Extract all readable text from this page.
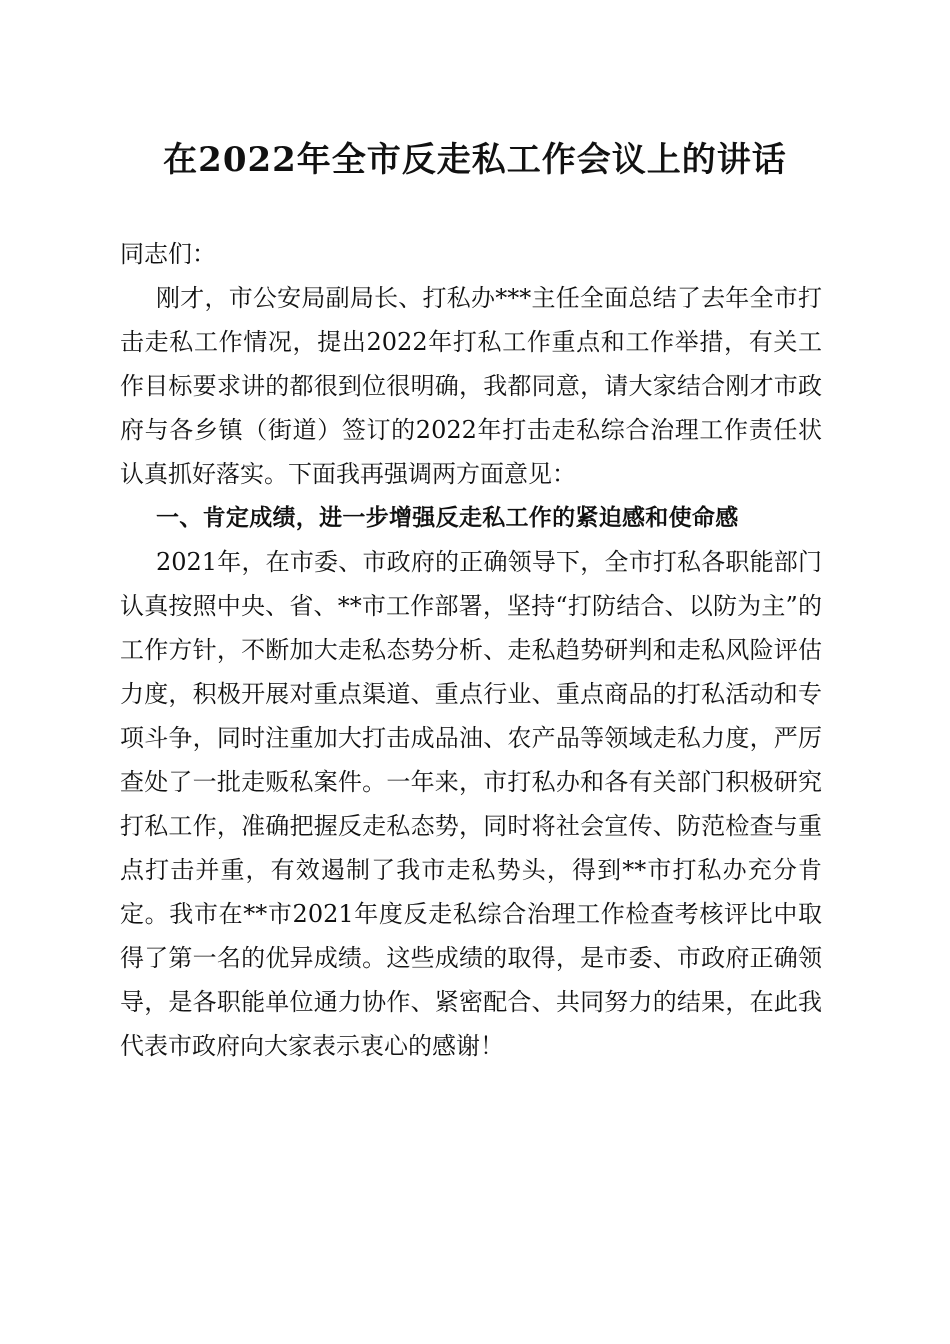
在2022年全市反走私工作会议上的讲话

同志们：

刚才，市公安局副局长、打私办***主任全面总结了去年全市打击走私工作情况，提出2022年打私工作重点和工作举措，有关工作目标要求讲的都很到位很明确，我都同意，请大家结合刚才市政府与各乡镇（街道）签订的2022年打击走私综合治理工作责任状认真抓好落实。下面我再强调两方面意见：

一、肯定成绩，进一步增强反走私工作的紧迫感和使命感

2021年，在市委、市政府的正确领导下，全市打私各职能部门认真按照中央、省、**市工作部署，坚持“打防结合、以防为主”的工作方针，不断加大走私态势分析、走私趋势研判和走私风险评估力度，积极开展对重点渠道、重点行业、重点商品的打私活动和专项斗争，同时注重加大打击成品油、农产品等领域走私力度，严厉查处了一批走贩私案件。一年来，市打私办和各有关部门积极研究打私工作，准确把握反走私态势，同时将社会宣传、防范检查与重点打击并重，有效遏制了我市走私势头，得到**市打私办充分肯定。我市在**市2021年度反走私综合治理工作检查考核评比中取得了第一名的优异成绩。这些成绩的取得，是市委、市政府正确领导，是各职能单位通力协作、紧密配合、共同努力的结果，在此我代表市政府向大家表示衷心的感谢！
